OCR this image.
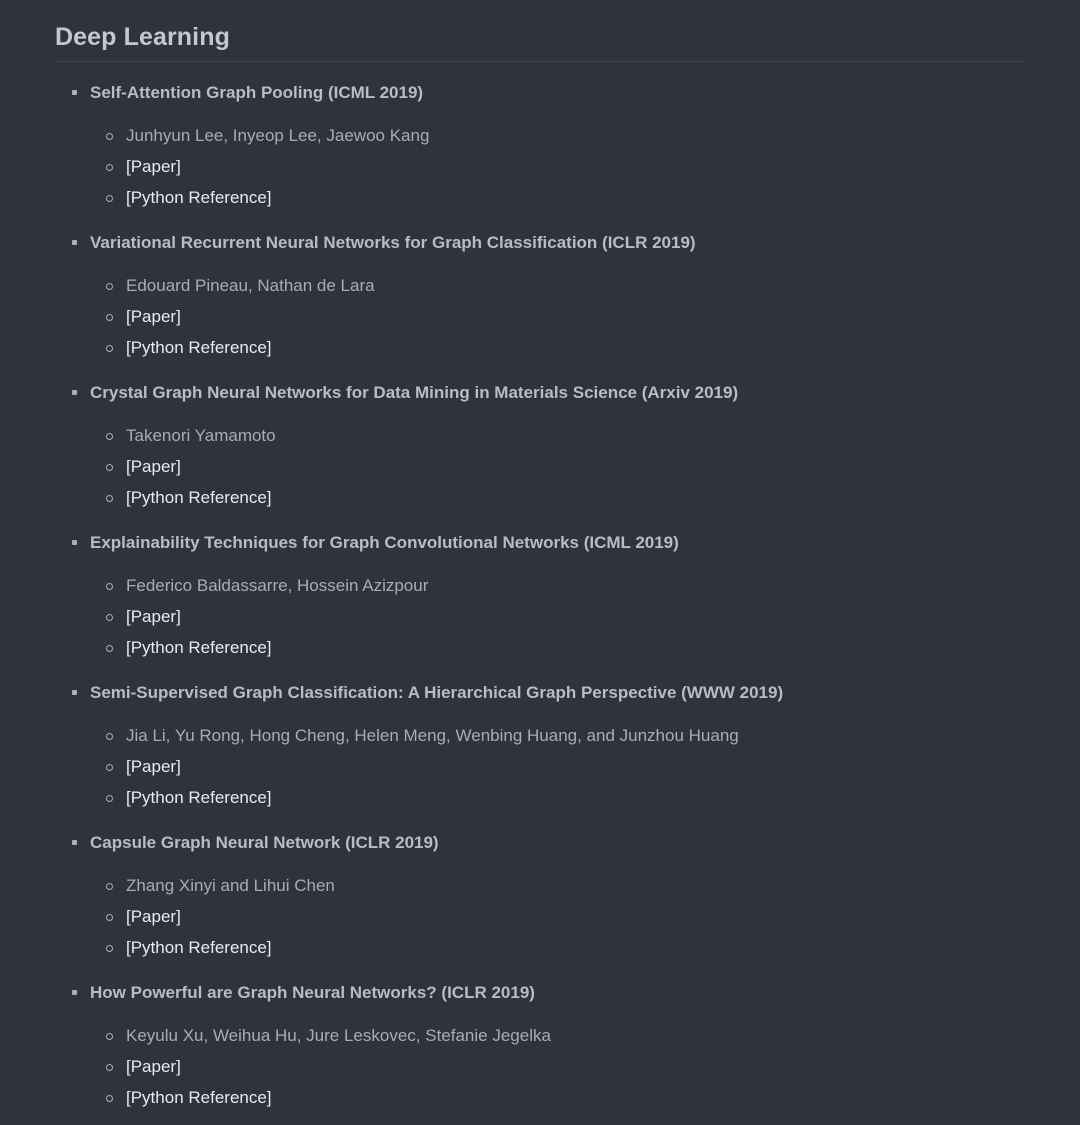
Deep Learning
Self-Attention Graph Pooling (ICML 2019)
Junhyun Lee, Inyeop Lee, Jaewoo Kang
[Paper]
[Python Reference]
Variational Recurrent Neural Networks for Graph Classification (ICLR 2019)
Edouard Pineau, Nathan de Lara
[Paper]
[Python Reference]
Crystal Graph Neural Networks for Data Mining in Materials Science (Arxiv 2019)
Takenori Yamamoto
[Paper]
[Python Reference]
Explainability Techniques for Graph Convolutional Networks (ICML 2019)
Federico Baldassarre, Hossein Azizpour
[Paper]
[Python Reference]
Semi-Supervised Graph Classification: A Hierarchical Graph Perspective (WWW 2019)
Jia Li, Yu Rong, Hong Cheng, Helen Meng, Wenbing Huang, and Junzhou Huang
[Paper]
[Python Reference]
Capsule Graph Neural Network (ICLR 2019)
Zhang Xinyi and Lihui Chen
[Paper]
[Python Reference]
How Powerful are Graph Neural Networks? (ICLR 2019)
Keyulu Xu, Weihua Hu, Jure Leskovec, Stefanie Jegelka
[Paper]
[Python Reference]
